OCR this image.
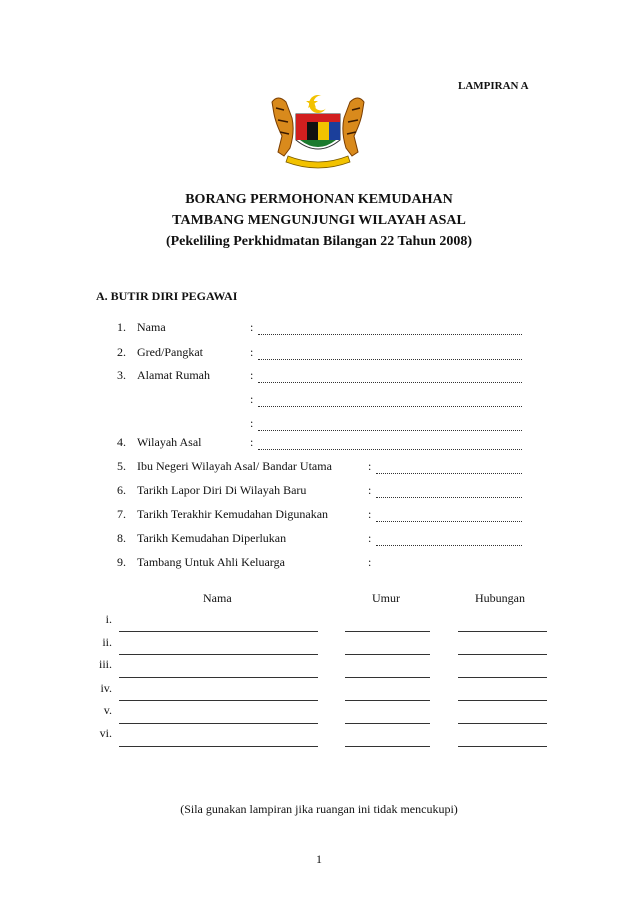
LAMPIRAN A
BORANG PERMOHONAN KEMUDAHAN
TAMBANG MENGUNJUNGI WILAYAH ASAL
(Pekeliling Perkhidmatan Bilangan 22 Tahun 2008)
A. BUTIR DIRI PEGAWAI
1. Nama	:
2. Gred/Pangkat	:
3. Alamat Rumah	:
:
:
4. Wilayah Asal	:
5. Ibu Negeri Wilayah Asal/ Bandar Utama	:
6. Tarikh Lapor Diri Di Wilayah Baru	:
7. Tarikh Terakhir Kemudahan Digunakan	:
8. Tarikh Kemudahan Diperlukan	:
9. Tambang Untuk Ahli Keluarga	:
Nama	Umur	Hubungan
i.
ii.
iii.
iv.
v.
vi.
(Sila gunakan lampiran jika ruangan ini tidak mencukupi)
1
